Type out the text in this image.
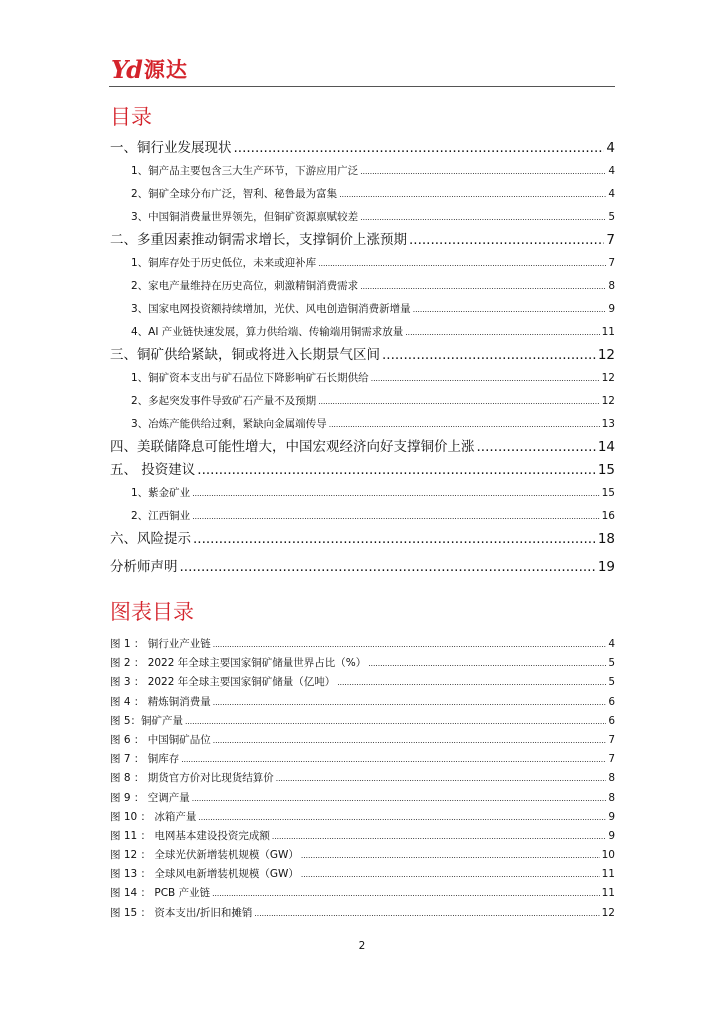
Yd 源达
目录
一、铜行业发展现状 .....	4
1、铜产品主要包含三大生产环节，下游应用广泛 .....	4
2、铜矿全球分布广泛，智利、秘鲁最为富集 .....	4
3、中国铜消费量世界领先，但铜矿资源禀赋较差 .....	5
二、多重因素推动铜需求增长，支撑铜价上涨预期 .....	7
1、铜库存处于历史低位，未来或迎补库 .....	7
2、家电产量维持在历史高位，刺激精铜消费需求 .....	8
3、国家电网投资额持续增加，光伏、风电创造铜消费新增量 .....	9
4、AI 产业链快速发展，算力供给端、传输端用铜需求放量 .....	11
三、铜矿供给紧缺，铜或将进入长期景气区间 .....	12
1、铜矿资本支出与矿石品位下降影响矿石长期供给 .....	12
2、多起突发事件导致矿石产量不及预期 .....	12
3、冶炼产能供给过剩，紧缺向金属端传导 .....	13
四、美联储降息可能性增大，中国宏观经济向好支撑铜价上涨 .....	14
五、 投资建议 .....	15
1、紫金矿业 .....	15
2、江西铜业 .....	16
六、风险提示 .....	18
分析师声明 .....	19
图表目录
图 1 ： 铜行业产业链 .....	4
图 2 ： 2022 年全球主要国家铜矿储量世界占比（%） .....	5
图 3 ： 2022 年全球主要国家铜矿储量（亿吨） .....	5
图 4 ： 精炼铜消费量 .....	6
图 5：铜矿产量 .....	6
图 6 ： 中国铜矿品位 .....	7
图 7 ： 铜库存 .....	7
图 8 ： 期货官方价对比现货结算价 .....	8
图 9 ： 空调产量 .....	8
图 10 ： 冰箱产量 .....	9
图 11 ： 电网基本建设投资完成额 .....	9
图 12 ： 全球光伏新增装机规模（GW） .....	10
图 13 ： 全球风电新增装机规模（GW） .....	11
图 14 ： PCB 产业链 .....	11
图 15 ： 资本支出/折旧和摊销 .....	12
2
